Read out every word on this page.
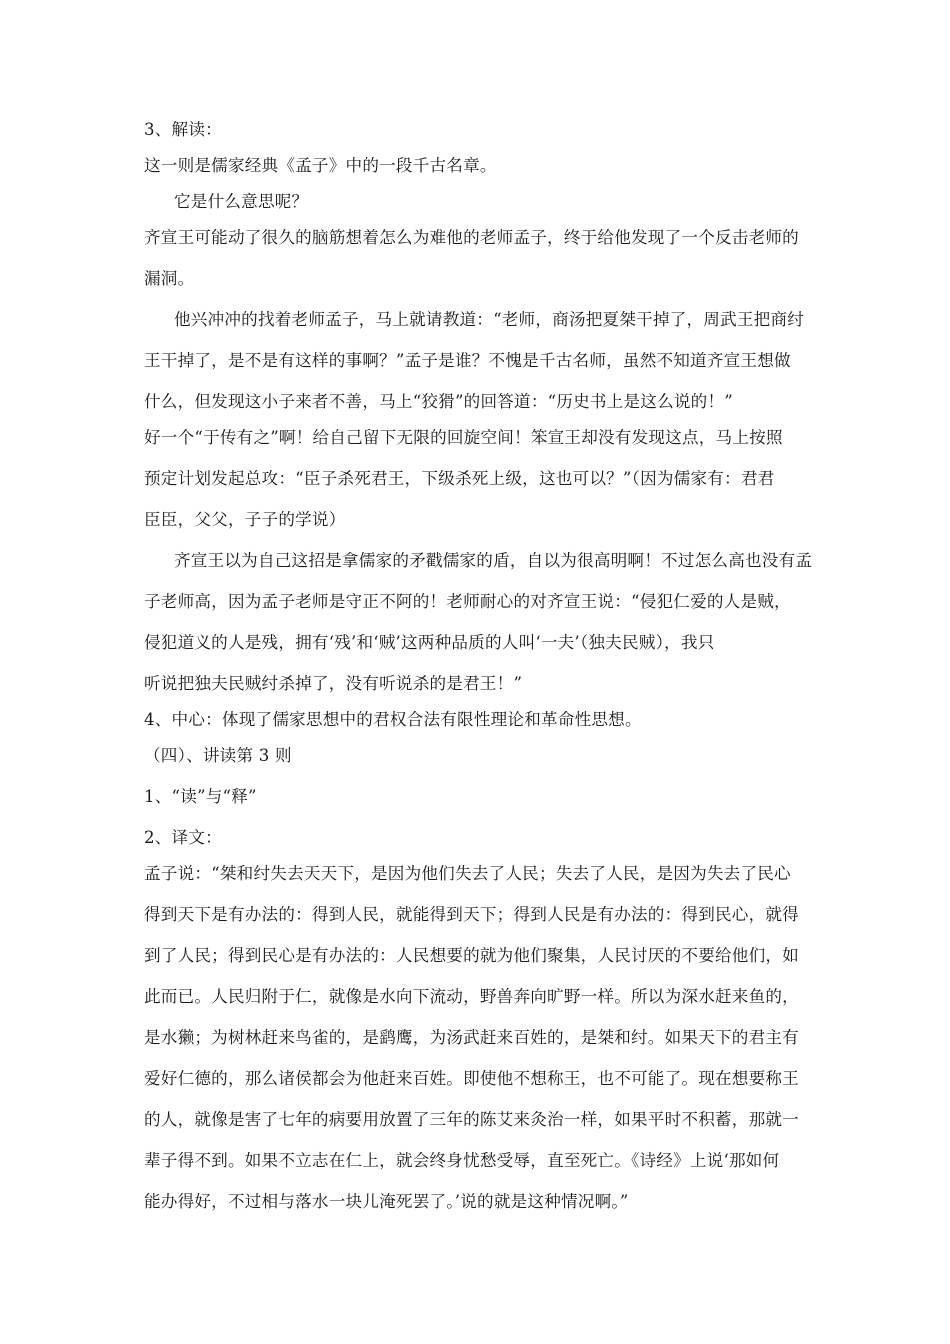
3、解读：
这一则是儒家经典《孟子》中的一段千古名章。
它是什么意思呢？
齐宣王可能动了很久的脑筋想着怎么为难他的老师孟子，终于给他发现了一个反击老师的
漏洞。
他兴冲冲的找着老师孟子，马上就请教道：“老师，商汤把夏桀干掉了，周武王把商纣
王干掉了，是不是有这样的事啊？”孟子是谁？不愧是千古名师，虽然不知道齐宣王想做
什么，但发现这小子来者不善，马上“狡猾”的回答道：“历史书上是这么说的！”
好一个“于传有之”啊！给自己留下无限的回旋空间！笨宣王却没有发现这点，马上按照
预定计划发起总攻：“臣子杀死君王，下级杀死上级，这也可以？”（因为儒家有：君君
臣臣，父父，子子的学说）
齐宣王以为自己这招是拿儒家的矛戳儒家的盾，自以为很高明啊！不过怎么高也没有孟
子老师高，因为孟子老师是守正不阿的！老师耐心的对齐宣王说：“侵犯仁爱的人是贼，
侵犯道义的人是残，拥有‘残’和‘贼’这两种品质的人叫‘一夫’（独夫民贼），我只
听说把独夫民贼纣杀掉了，没有听说杀的是君王！”
4、中心：体现了儒家思想中的君权合法有限性理论和革命性思想。
（四）、讲读第 3 则
1、“读”与“释”
2、译文：
孟子说：“桀和纣失去天天下，是因为他们失去了人民；失去了人民，是因为失去了民心
得到天下是有办法的：得到人民，就能得到天下；得到人民是有办法的：得到民心，就得
到了人民；得到民心是有办法的：人民想要的就为他们聚集，人民讨厌的不要给他们，如
此而已。人民归附于仁，就像是水向下流动，野兽奔向旷野一样。所以为深水赶来鱼的，
是水獭；为树林赶来鸟雀的，是鹞鹰，为汤武赶来百姓的，是桀和纣。如果天下的君主有
爱好仁德的，那么诸侯都会为他赶来百姓。即使他不想称王，也不可能了。现在想要称王
的人，就像是害了七年的病要用放置了三年的陈艾来灸治一样，如果平时不积蓄，那就一
辈子得不到。如果不立志在仁上，就会终身忧愁受辱，直至死亡。《诗经》上说‘那如何
能办得好，不过相与落水一块儿淹死罢了。’说的就是这种情况啊。”
